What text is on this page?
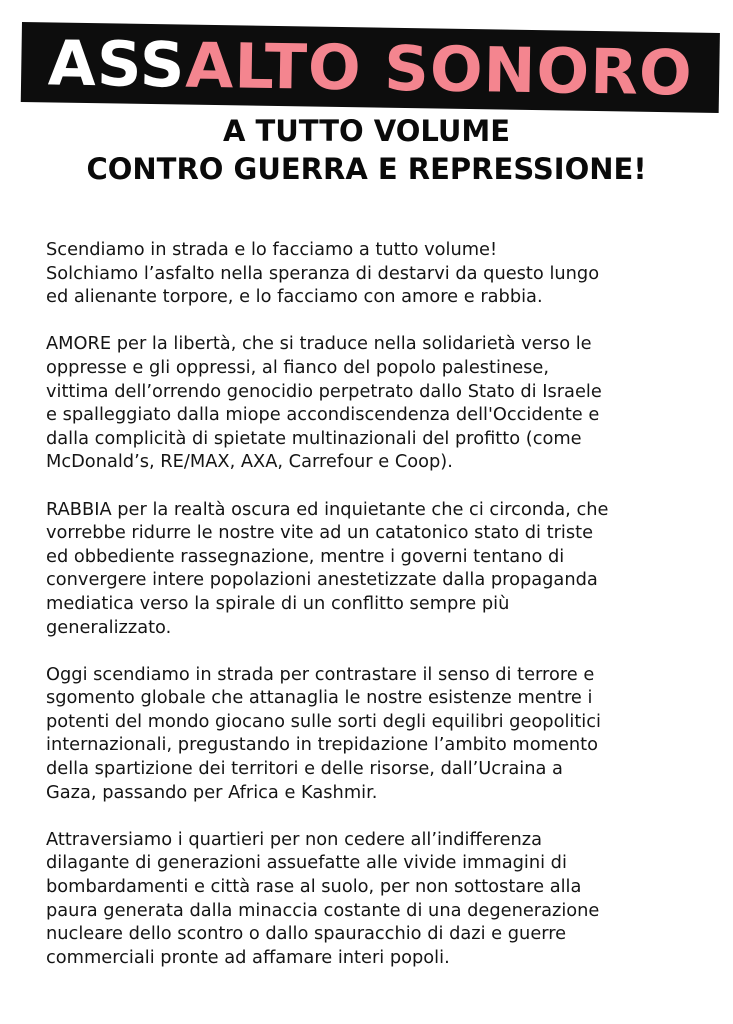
ASSALTO SONORO
A TUTTO VOLUME
CONTRO GUERRA E REPRESSIONE!

Scendiamo in strada e lo facciamo a tutto volume!
Solchiamo l’asfalto nella speranza di destarvi da questo lungo
ed alienante torpore, e lo facciamo con amore e rabbia.

AMORE per la libertà, che si traduce nella solidarietà verso le
oppresse e gli oppressi, al fianco del popolo palestinese,
vittima dell’orrendo genocidio perpetrato dallo Stato di Israele
e spalleggiato dalla miope accondiscendenza dell'Occidente e
dalla complicità di spietate multinazionali del profitto (come
McDonald’s, RE/MAX, AXA, Carrefour e Coop).

RABBIA per la realtà oscura ed inquietante che ci circonda, che
vorrebbe ridurre le nostre vite ad un catatonico stato di triste
ed obbediente rassegnazione, mentre i governi tentano di
convergere intere popolazioni anestetizzate dalla propaganda
mediatica verso la spirale di un conflitto sempre più
generalizzato.

Oggi scendiamo in strada per contrastare il senso di terrore e
sgomento globale che attanaglia le nostre esistenze mentre i
potenti del mondo giocano sulle sorti degli equilibri geopolitici
internazionali, pregustando in trepidazione l’ambito momento
della spartizione dei territori e delle risorse, dall’Ucraina a
Gaza, passando per Africa e Kashmir.

Attraversiamo i quartieri per non cedere all’indifferenza
dilagante di generazioni assuefatte alle vivide immagini di
bombardamenti e città rase al suolo, per non sottostare alla
paura generata dalla minaccia costante di una degenerazione
nucleare dello scontro o dallo spauracchio di dazi e guerre
commerciali pronte ad affamare interi popoli.
